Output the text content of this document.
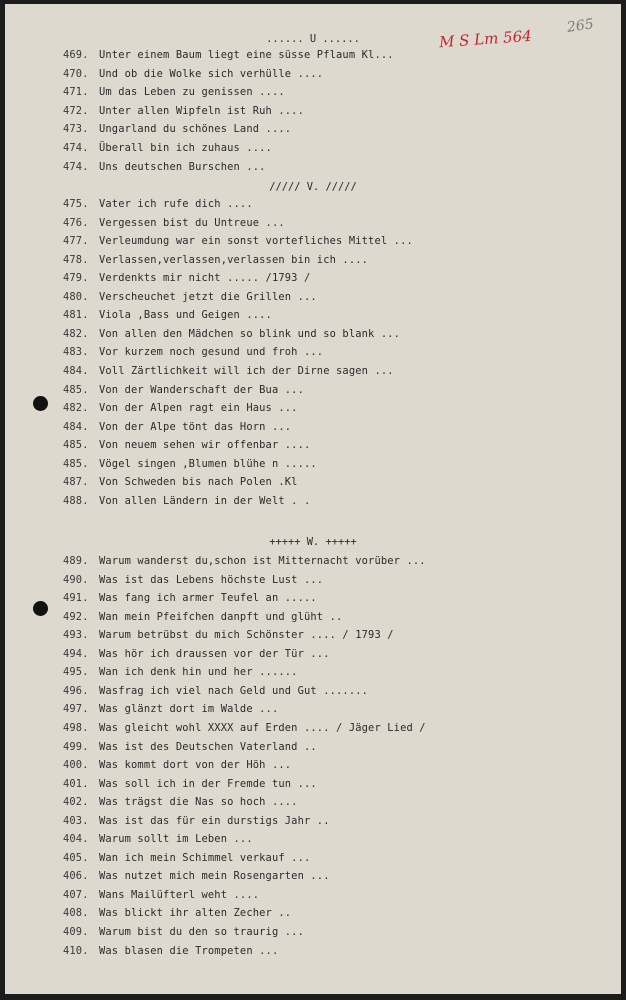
M S Lm 564
265
...... U ......
///// V. /////
+++++ W. +++++
469. Unter einem Baum liegt eine süsse Pflaum Kl...
470. Und ob die Wolke sich verhülle ....
471. Um das Leben zu genissen ....
472. Unter allen Wipfeln ist Ruh ....
473. Ungarland du schönes Land ....
474. Überall bin ich zuhaus ....
474. Uns deutschen Burschen ...
475. Vater ich rufe dich ....
476. Vergessen bist du Untreue ...
477. Verleumdung war ein sonst vortefliches Mittel ...
478. Verlassen,verlassen,verlassen bin ich ....
479. Verdenkts mir nicht ..... /1793 /
480. Verscheuchet jetzt die Grillen ...
481. Viola ,Bass und Geigen ....
482. Von allen den Mädchen so blink und so blank ...
483. Vor kurzem noch gesund und froh ...
484. Voll Zärtlichkeit will ich der Dirne sagen ...
485. Von der Wanderschaft der Bua ...
482. Von der Alpen ragt ein Haus ...
484. Von der Alpe tönt das Horn ...
485. Von neuem sehen wir offenbar ....
485. Vögel singen ,Blumen blühe n .....
487. Von Schweden bis nach Polen .Kl
488. Von allen Ländern in der Welt . .
489. Warum wanderst du,schon ist Mitternacht vorüber ...
490. Was ist das Lebens höchste Lust ...
491. Was fang ich armer Teufel an .....
492. Wan mein Pfeifchen danpft und glüht ..
493. Warum betrübst du mich Schönster .... / 1793 /
494. Was hör ich draussen vor der Tür ...
495. Wan ich denk hin und her ......
496. Wasfrag ich viel nach Geld und Gut .......
497. Was glänzt dort im Walde ...
498. Was gleicht wohl XXXX auf Erden .... / Jäger Lied /
499. Was ist des Deutschen Vaterland ..
400. Was kommt dort von der Höh ...
401. Was soll ich in der Fremde tun ...
402. Was trägst die Nas so hoch ....
403. Was ist das für ein durstigs Jahr ..
404. Warum sollt im Leben ...
405. Wan ich mein Schimmel verkauf ...
406. Was nutzet mich mein Rosengarten ...
407. Wans Mailüfterl weht ....
408. Was blickt ihr alten Zecher ..
409. Warum bist du den so traurig ...
410. Was blasen die Trompeten ...
